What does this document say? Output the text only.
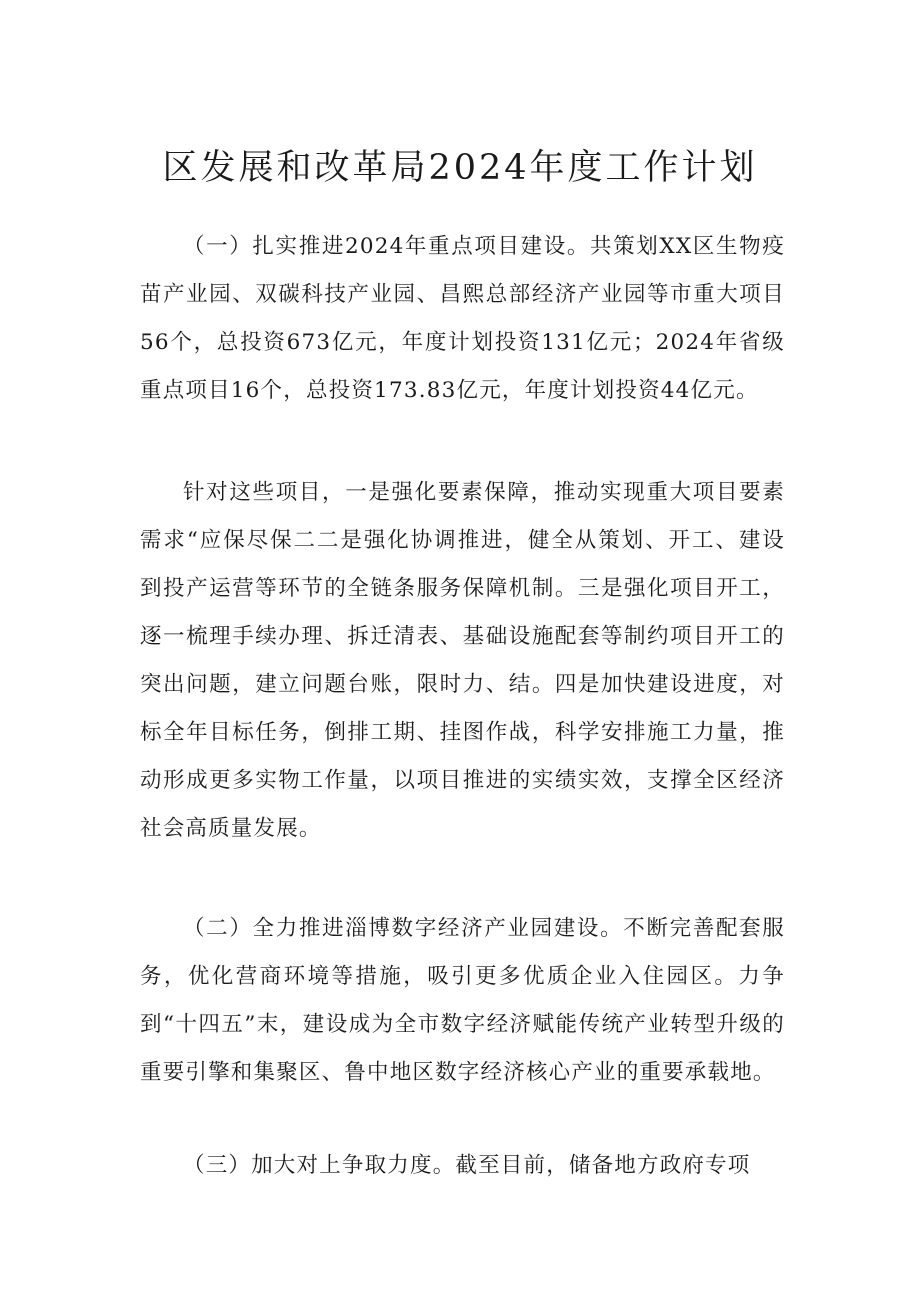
区发展和改革局2024年度工作计划

（一）扎实推进2024年重点项目建设。共策划XX区生物疫苗产业园、双碳科技产业园、昌熙总部经济产业园等市重大项目56个，总投资673亿元，年度计划投资131亿元；2024年省级重点项目16个，总投资173.83亿元，年度计划投资44亿元。

针对这些项目，一是强化要素保障，推动实现重大项目要素需求“应保尽保二二是强化协调推进，健全从策划、开工、建设到投产运营等环节的全链条服务保障机制。三是强化项目开工，逐一梳理手续办理、拆迁清表、基础设施配套等制约项目开工的突出问题，建立问题台账，限时力、结。四是加快建设进度，对标全年目标任务，倒排工期、挂图作战，科学安排施工力量，推动形成更多实物工作量，以项目推进的实绩实效，支撑全区经济社会高质量发展。

（二）全力推进淄博数字经济产业园建设。不断完善配套服务，优化营商环境等措施，吸引更多优质企业入住园区。力争到“十四五”末，建设成为全市数字经济赋能传统产业转型升级的重要引擎和集聚区、鲁中地区数字经济核心产业的重要承载地。

（三）加大对上争取力度。截至目前，储备地方政府专项
